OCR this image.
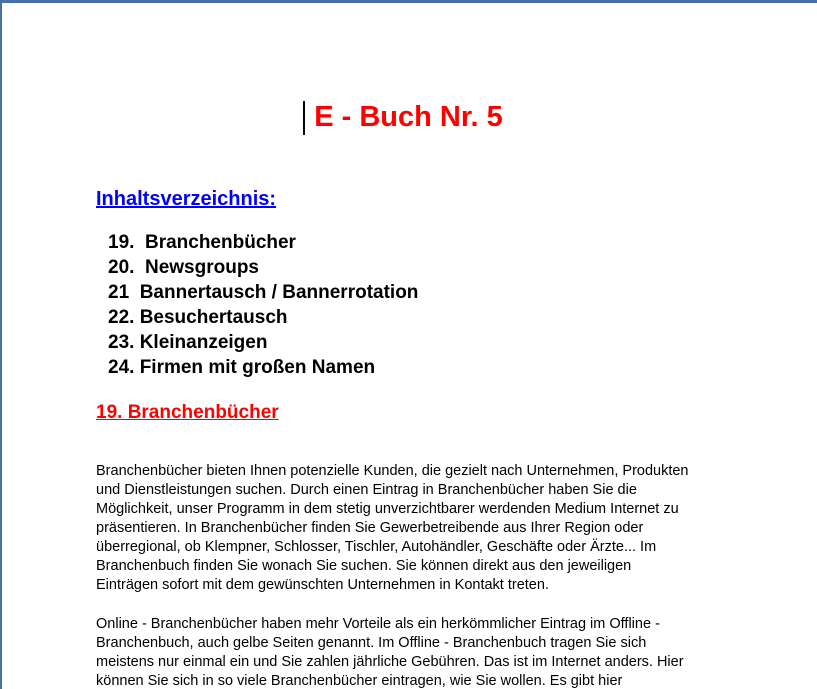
E - Buch Nr. 5
Inhaltsverzeichnis:
19.  Branchenbücher
20.  Newsgroups
21  Bannertausch / Bannerrotation
22. Besuchertausch
23. Kleinanzeigen
24. Firmen mit großen Namen
19. Branchenbücher

Branchenbücher bieten Ihnen potenzielle Kunden, die gezielt nach Unternehmen, Produkten
und Dienstleistungen suchen. Durch einen Eintrag in Branchenbücher haben Sie die
Möglichkeit, unser Programm in dem stetig unverzichtbarer werdenden Medium Internet zu
präsentieren. In Branchenbücher finden Sie Gewerbetreibende aus Ihrer Region oder
überregional, ob Klempner, Schlosser, Tischler, Autohändler, Geschäfte oder Ärzte... Im
Branchenbuch finden Sie wonach Sie suchen. Sie können direkt aus den jeweiligen
Einträgen sofort mit dem gewünschten Unternehmen in Kontakt treten.

Online - Branchenbücher haben mehr Vorteile als ein herkömmlicher Eintrag im Offline -
Branchenbuch, auch gelbe Seiten genannt. Im Offline - Branchenbuch tragen Sie sich
meistens nur einmal ein und Sie zahlen jährliche Gebühren. Das ist im Internet anders. Hier
können Sie sich in so viele Branchenbücher eintragen, wie Sie wollen. Es gibt hier
